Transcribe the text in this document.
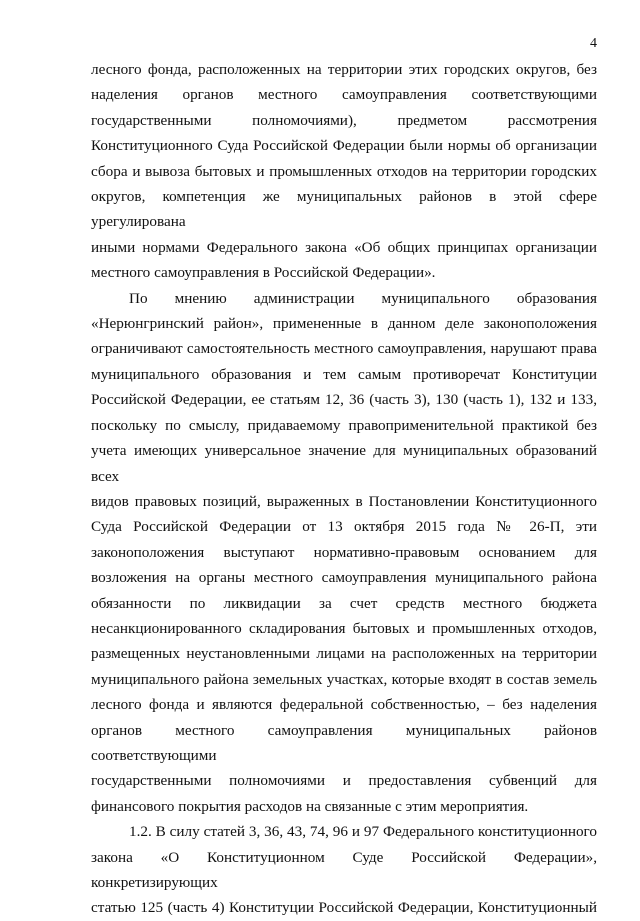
4

лесного фонда, расположенных на территории этих городских округов, без

наделения органов местного самоуправления соответствующими

государственными полномочиями), предметом рассмотрения

Конституционного Суда Российской Федерации были нормы об организации

сбора и вывоза бытовых и промышленных отходов на территории городских

округов, компетенция же муниципальных районов в этой сфере урегулирована

иными нормами Федерального закона «Об общих принципах организации

местного самоуправления в Российской Федерации».

По мнению администрации муниципального образования

«Нерюнгринский район», примененные в данном деле законоположения

ограничивают самостоятельность местного самоуправления, нарушают права

муниципального образования и тем самым противоречат Конституции

Российской Федерации, ее статьям 12, 36 (часть 3), 130 (часть 1), 132 и 133,

поскольку по смыслу, придаваемому правоприменительной практикой без

учета имеющих универсальное значение для муниципальных образований всех

видов правовых позиций, выраженных в Постановлении Конституционного

Суда Российской Федерации от 13 октября 2015 года № 26-П, эти

законоположения выступают нормативно-правовым основанием для

возложения на органы местного самоуправления муниципального района

обязанности по ликвидации за счет средств местного бюджета

несанкционированного складирования бытовых и промышленных отходов,

размещенных неустановленными лицами на расположенных на территории

муниципального района земельных участках, которые входят в состав земель

лесного фонда и являются федеральной собственностью, – без наделения

органов местного самоуправления муниципальных районов соответствующими

государственными полномочиями и предоставления субвенций для

финансового покрытия расходов на связанные с этим мероприятия.

1.2. В силу статей 3, 36, 43, 74, 96 и 97 Федерального конституционного

закона «О Конституционном Суде Российской Федерации», конкретизирующих

статью 125 (часть 4) Конституции Российской Федерации, Конституционный
